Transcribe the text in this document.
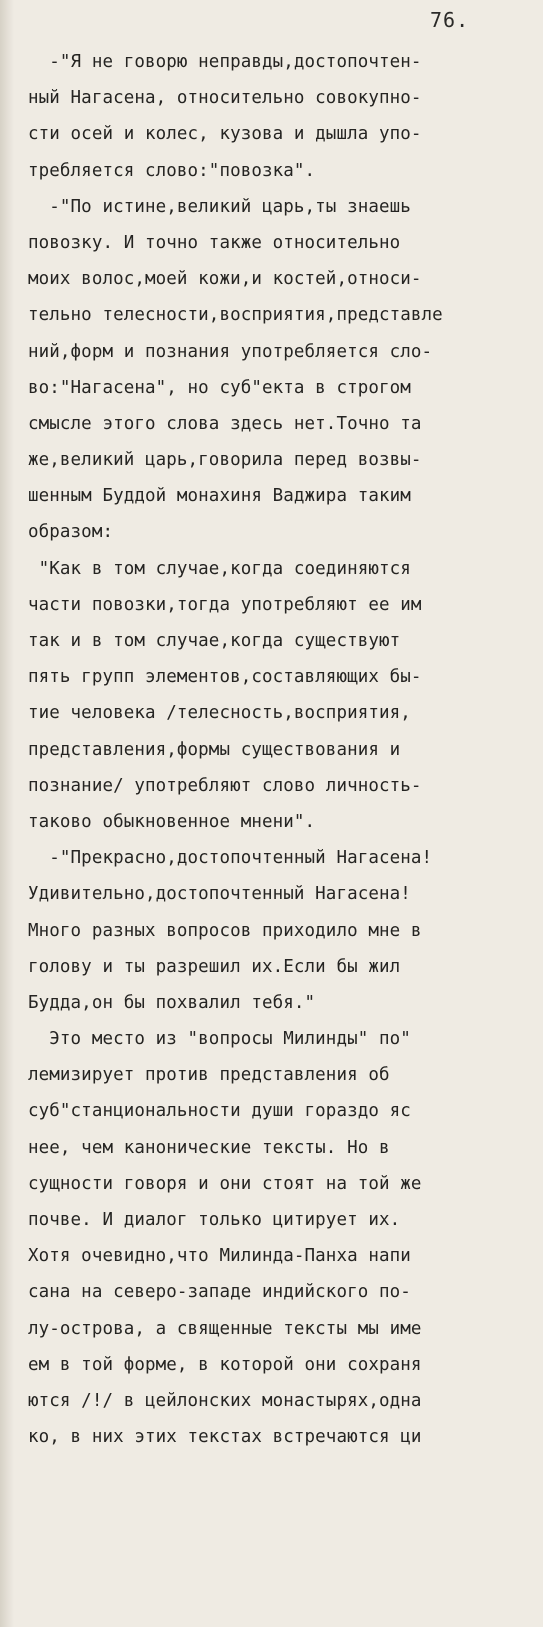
76.
-"Я не говорю неправды,достопочтен-
ный Нагасена, относительно совокупно-
сти осей и колес, кузова и дышла упо-
требляется слово:"повозка".
-"По истине,великий царь,ты знаешь
повозку. И точно также относительно
моих волос,моей кожи,и костей,относи-
тельно телесности,восприятия,представле
ний,форм и познания употребляется сло-
во:"Нагасена", но суб"екта в строгом
смысле этого слова здесь нет.Точно та
же,великий царь,говорила перед возвы-
шенным Буддой монахиня Ваджира таким
образом:
"Как в том случае,когда соединяются
части повозки,тогда употребляют ее им
так и в том случае,когда существуют
пять групп элементов,составляющих бы-
тие человека /телесность,восприятия,
представления,формы существования и
познание/ употребляют слово личность-
таково обыкновенное мнени".
-"Прекрасно,достопочтенный Нагасена!
Удивительно,достопочтенный Нагасена!
Много разных вопросов приходило мне в
голову и ты разрешил их.Если бы жил
Будда,он бы похвалил тебя."
Это место из "вопросы Милинды" по"
лемизирует против представления об
суб"станциональности души гораздо яс
нее, чем канонические тексты. Но в
сущности говоря и они стоят на той же
почве. И диалог только цитирует их.
Хотя очевидно,что Милинда-Панха напи
сана на северо-западе индийского по-
лу-острова, а священные тексты мы име
ем в той форме, в которой они сохраня
ются /!/ в цейлонских монастырях,однa
ко, в них этих текстах встречаются ци
